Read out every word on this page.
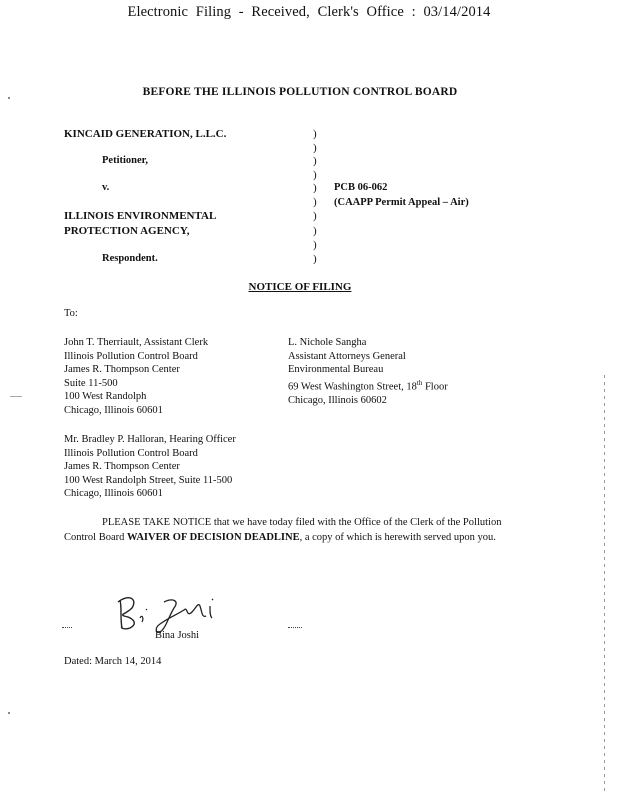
Electronic Filing - Received, Clerk's Office : 03/14/2014
BEFORE THE ILLINOIS POLLUTION CONTROL BOARD
KINCAID GENERATION, L.L.C.
Petitioner,
v.
ILLINOIS ENVIRONMENTAL
PROTECTION AGENCY,
Respondent.
)
)
)
)
)
)
)
)
)
)
PCB 06-062
(CAAPP Permit Appeal – Air)
NOTICE OF FILING
To:
John T. Therriault, Assistant Clerk
Illinois Pollution Control Board
James R. Thompson Center
Suite 11-500
100 West Randolph
Chicago, Illinois 60601
L. Nichole Sangha
Assistant Attorneys General
Environmental Bureau
69 West Washington Street, 18th Floor
Chicago, Illinois 60602
Mr. Bradley P. Halloran, Hearing Officer
Illinois Pollution Control Board
James R. Thompson Center
100 West Randolph Street, Suite 11-500
Chicago, Illinois 60601
PLEASE TAKE NOTICE that we have today filed with the Office of the Clerk of the Pollution Control Board WAIVER OF DECISION DEADLINE, a copy of which is herewith served upon you.
Bina Joshi
Dated: March 14, 2014
